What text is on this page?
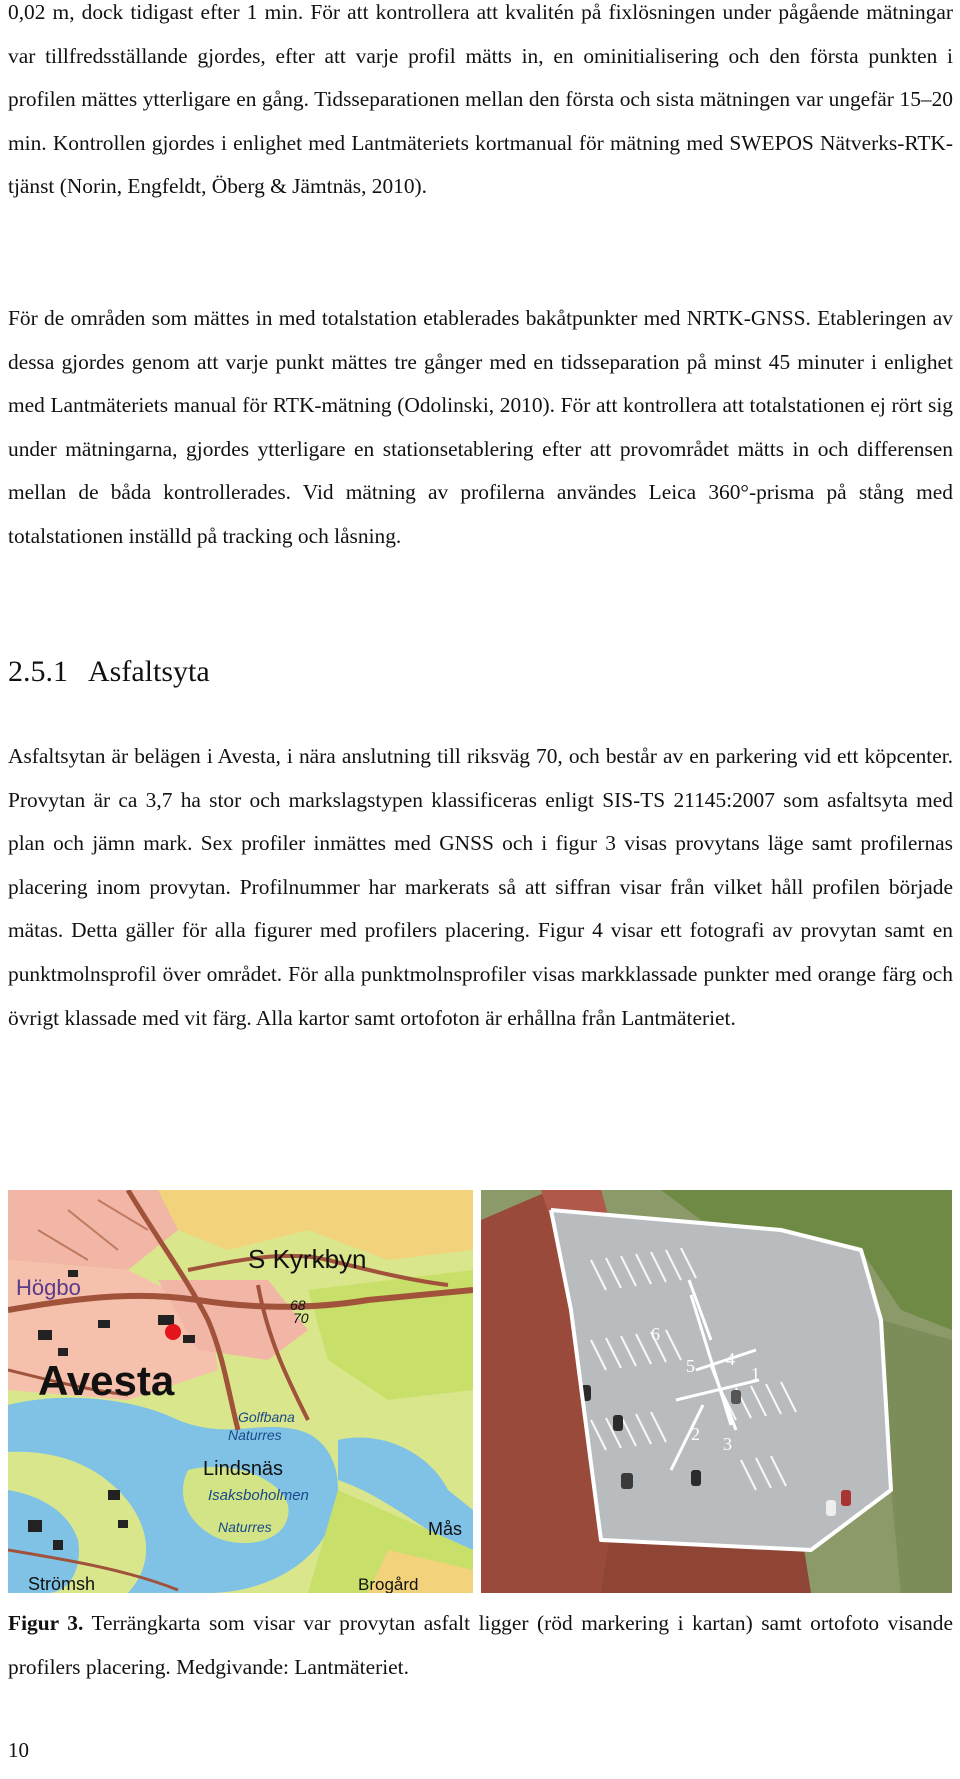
0,02 m, dock tidigast efter 1 min. För att kontrollera att kvalitén på fixlösningen under pågående mätningar var tillfredsställande gjordes, efter att varje profil mätts in, en ominitialisering och den första punkten i profilen mättes ytterligare en gång. Tidsseparationen mellan den första och sista mätningen var ungefär 15–20 min. Kontrollen gjordes i enlighet med Lantmäteriets kortmanual för mätning med SWEPOS Nätverks-RTK-tjänst (Norin, Engfeldt, Öberg & Jämtnäs, 2010).

För de områden som mättes in med totalstation etablerades bakåtpunkter med NRTK-GNSS. Etableringen av dessa gjordes genom att varje punkt mättes tre gånger med en tidsseparation på minst 45 minuter i enlighet med Lantmäteriets manual för RTK-mätning (Odolinski, 2010). För att kontrollera att totalstationen ej rört sig under mätningarna, gjordes ytterligare en stationsetablering efter att provområdet mätts in och differensen mellan de båda kontrollerades. Vid mätning av profilerna användes Leica 360°-prisma på stång med totalstationen inställd på tracking och låsning.

2.5.1 Asfaltsyta

Asfaltsytan är belägen i Avesta, i nära anslutning till riksväg 70, och består av en parkering vid ett köpcenter. Provytan är ca 3,7 ha stor och markslagstypen klassificeras enligt SIS-TS 21145:2007 som asfaltsyta med plan och jämn mark. Sex profiler inmättes med GNSS och i figur 3 visas provytans läge samt profilernas placering inom provytan. Profilnummer har markerats så att siffran visar från vilket håll profilen började mätas. Detta gäller för alla figurer med profilers placering. Figur 4 visar ett fotografi av provytan samt en punktmolnsprofil över området. För alla punktmolnsprofiler visas markklassade punkter med orange färg och övrigt klassade med vit färg. Alla kartor samt ortofoton är erhållna från Lantmäteriet.

S Kyrkbyn
Högbo
Avesta
68
70
Golfbana
Naturres
Lindsnäs
Isaksboholmen
Naturres	Mås
Strömsh	Brogård
1
2 3
4
5
6

Figur 3. Terrängkarta som visar var provytan asfalt ligger (röd markering i kartan) samt ortofoto visande profilers placering. Medgivande: Lantmäteriet.

10
